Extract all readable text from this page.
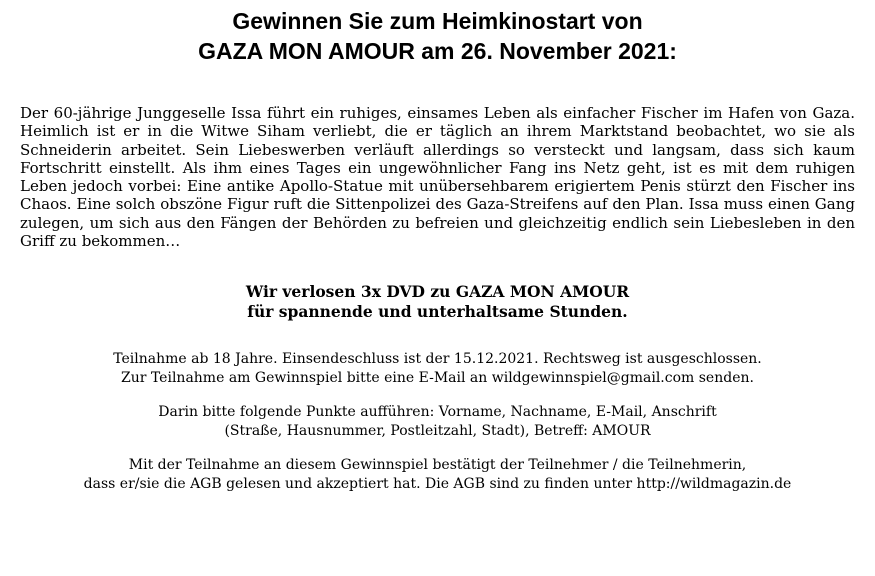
Gewinnen Sie zum Heimkinostart von
GAZA MON AMOUR am 26. November 2021:

Der 60-jährige Junggeselle Issa führt ein ruhiges, einsames Leben als einfacher Fischer im Hafen von Gaza. Heimlich ist er in die Witwe Siham verliebt, die er täglich an ihrem Marktstand beobachtet, wo sie als Schneiderin arbeitet. Sein Liebeswerben verläuft allerdings so versteckt und langsam, dass sich kaum Fortschritt einstellt. Als ihm eines Tages ein ungewöhnlicher Fang ins Netz geht, ist es mit dem ruhigen Leben jedoch vorbei: Eine antike Apollo-Statue mit unübersehbarem erigiertem Penis stürzt den Fischer ins Chaos. Eine solch obszöne Figur ruft die Sittenpolizei des Gaza-Streifens auf den Plan. Issa muss einen Gang zulegen, um sich aus den Fängen der Behörden zu befreien und gleichzeitig endlich sein Liebesleben in den Griff zu bekommen…

Wir verlosen 3x DVD zu GAZA MON AMOUR
für spannende und unterhaltsame Stunden.

Teilnahme ab 18 Jahre. Einsendeschluss ist der 15.12.2021. Rechtsweg ist ausgeschlossen.
Zur Teilnahme am Gewinnspiel bitte eine E-Mail an wildgewinnspiel@gmail.com senden.

Darin bitte folgende Punkte aufführen: Vorname, Nachname, E-Mail, Anschrift
(Straße, Hausnummer, Postleitzahl, Stadt), Betreff: AMOUR

Mit der Teilnahme an diesem Gewinnspiel bestätigt der Teilnehmer / die Teilnehmerin,
dass er/sie die AGB gelesen und akzeptiert hat. Die AGB sind zu finden unter http://wildmagazin.de
